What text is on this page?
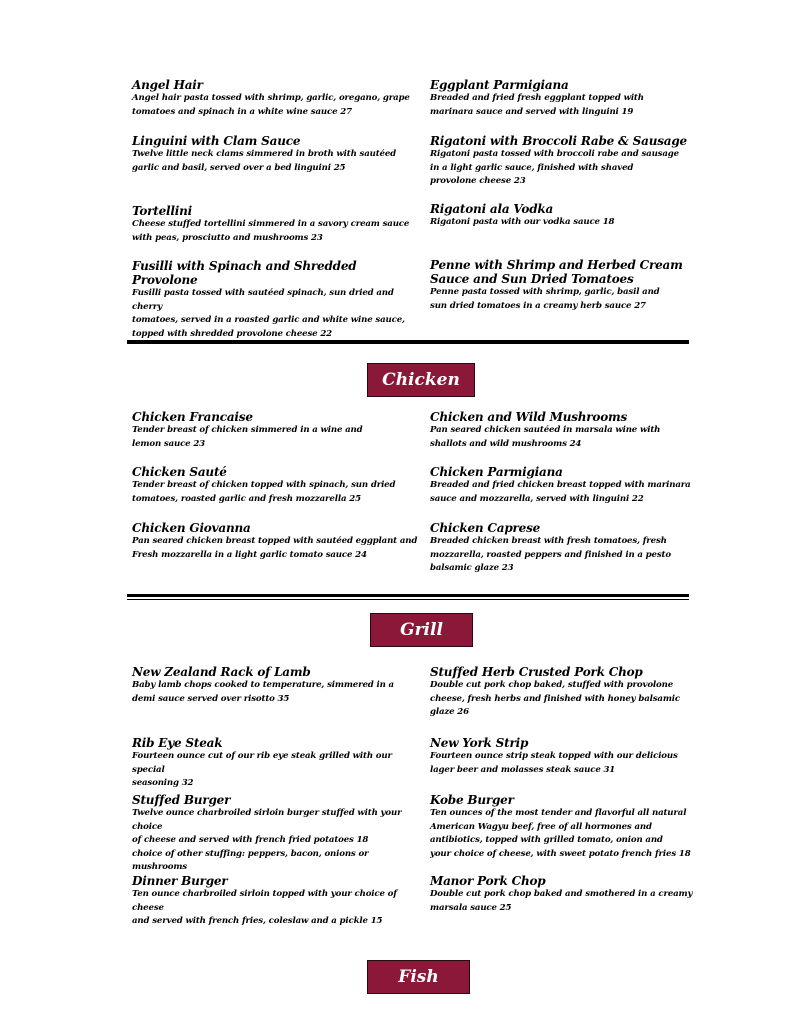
Angel Hair
Angel hair pasta tossed with shrimp, garlic, oregano, grape
tomatoes and spinach in a white wine sauce 27
Linguini with Clam Sauce
Twelve little neck clams simmered in broth with sautéed
garlic and basil, served over a bed linguini 25
Tortellini
Cheese stuffed tortellini simmered in a savory cream sauce
with peas, prosciutto and mushrooms 23
Fusilli with Spinach and Shredded Provolone
Fusilli pasta tossed with sautéed spinach, sun dried and cherry
tomatoes, served in a roasted garlic and white wine sauce,
topped with shredded provolone cheese 22
Eggplant Parmigiana
Breaded and fried fresh eggplant topped with
marinara sauce and served with linguini 19
Rigatoni with Broccoli Rabe & Sausage
Rigatoni pasta tossed with broccoli rabe and sausage
in a light garlic sauce, finished with shaved
provolone cheese 23
Rigatoni ala Vodka
Rigatoni pasta with our vodka sauce 18
Penne with Shrimp and Herbed Cream
Sauce and Sun Dried Tomatoes
Penne pasta tossed with shrimp, garlic, basil and
sun dried tomatoes in a creamy herb sauce 27
Chicken
Chicken Francaise
Tender breast of chicken simmered in a wine and
lemon sauce 23
Chicken Sauté
Tender breast of chicken topped with spinach, sun dried
tomatoes, roasted garlic and fresh mozzarella 25
Chicken Giovanna
Pan seared chicken breast topped with sautéed eggplant and
Fresh mozzarella in a light garlic tomato sauce 24
Chicken and Wild Mushrooms
Pan seared chicken sautéed in marsala wine with
shallots and wild mushrooms 24
Chicken Parmigiana
Breaded and fried chicken breast topped with marinara
sauce and mozzarella, served with linguini 22
Chicken Caprese
Breaded chicken breast with fresh tomatoes, fresh
mozzarella, roasted peppers and finished in a pesto
balsamic glaze 23
Grill
New Zealand Rack of Lamb
Baby lamb chops cooked to temperature, simmered in a
demi sauce served over risotto 35
Rib Eye Steak
Fourteen ounce cut of our rib eye steak grilled with our special
seasoning 32
Stuffed Burger
Twelve ounce charbroiled sirloin burger stuffed with your choice
of cheese and served with french fried potatoes 18
choice of other stuffing: peppers, bacon, onions or mushrooms
Dinner Burger
Ten ounce charbroiled sirloin topped with your choice of cheese
and served with french fries, coleslaw and a pickle 15
Stuffed Herb Crusted Pork Chop
Double cut pork chop baked, stuffed with provolone
cheese, fresh herbs and finished with honey balsamic
glaze 26
New York Strip
Fourteen ounce strip steak topped with our delicious
lager beer and molasses steak sauce 31
Kobe Burger
Ten ounces of the most tender and flavorful all natural
American Wagyu beef, free of all hormones and
antibiotics, topped with grilled tomato, onion and
your choice of cheese, with sweet potato french fries 18
Manor Pork Chop
Double cut pork chop baked and smothered in a creamy
marsala sauce 25
Fish
